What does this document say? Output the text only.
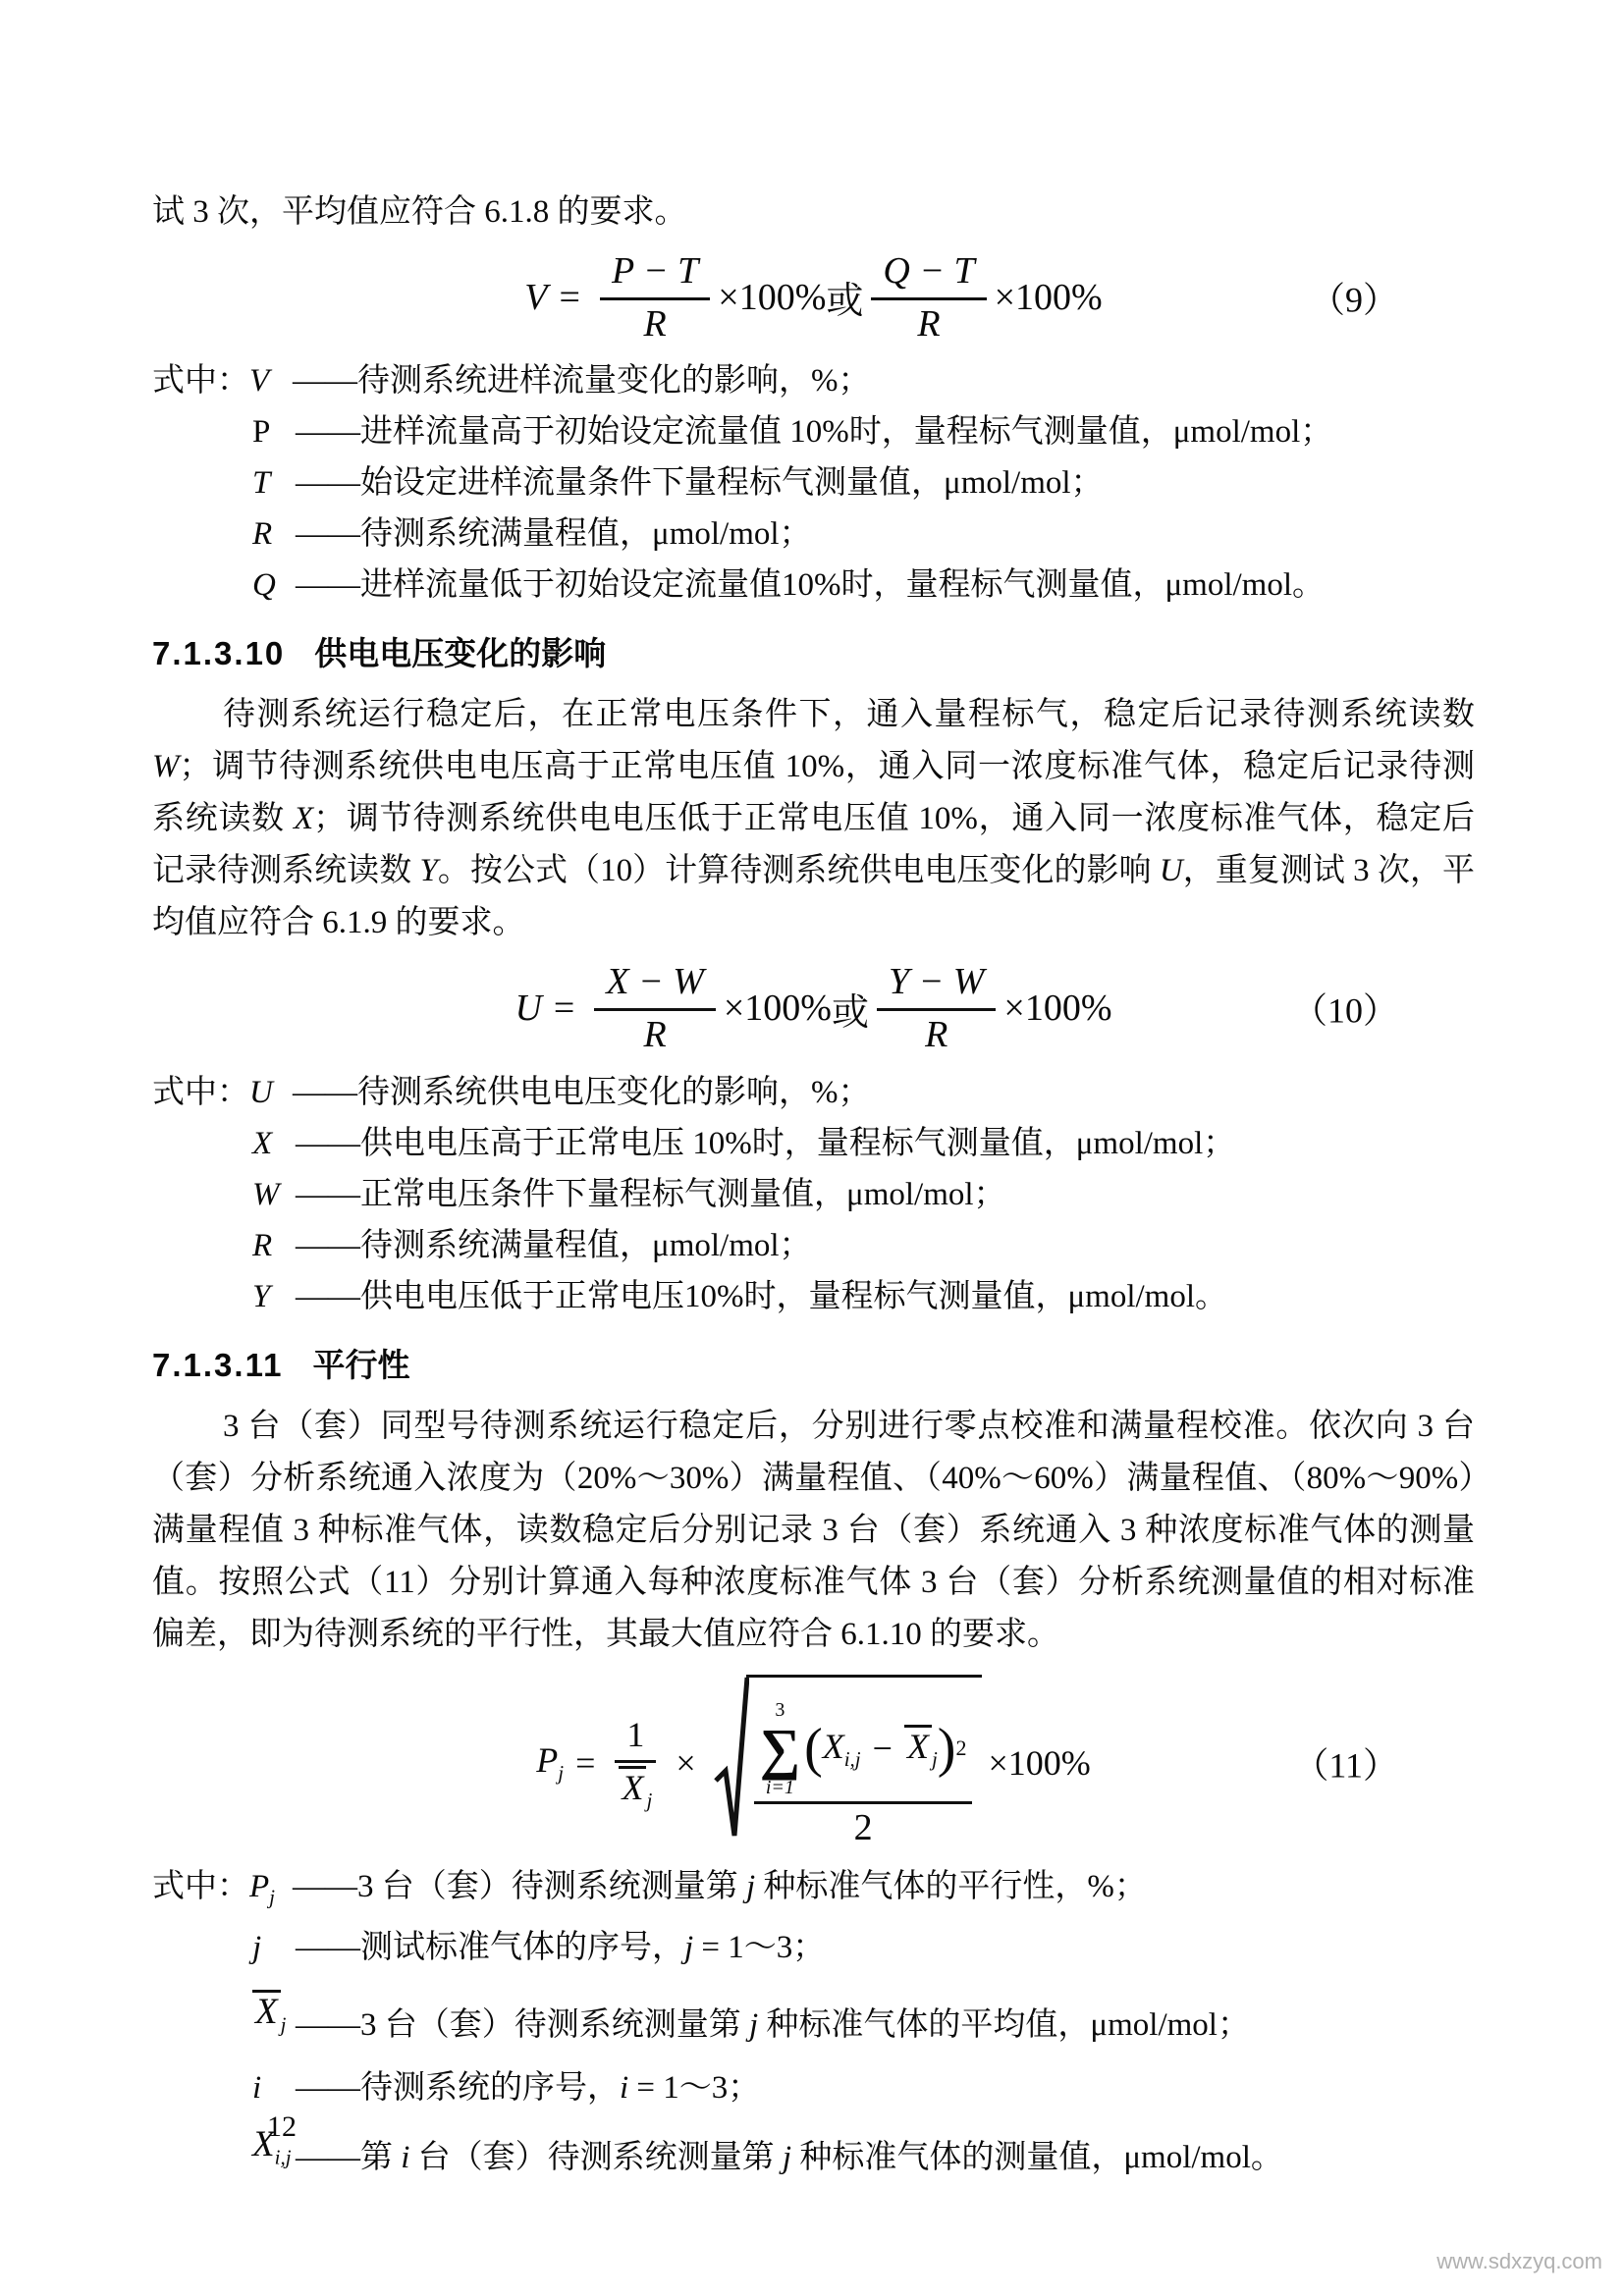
试 3 次，平均值应符合 6.1.8 的要求。

$V = \frac{P - T}{R} \times 100\%$ 或 $\frac{Q - T}{R} \times 100\%$	（9）
式中： V ——待测系统进样流量变化的影响，%；
P ——进样流量高于初始设定流量值 10%时，量程标气测量值，μmol/mol；
T ——始设定进样流量条件下量程标气测量值，μmol/mol；
R ——待测系统满量程值，μmol/mol；
Q ——进样流量低于初始设定流量值10%时，量程标气测量值，μmol/mol。
7.1.3.10 供电电压变化的影响

待测系统运行稳定后，在正常电压条件下，通入量程标气，稳定后记录待测系统读数 W；调节待测系统供电电压高于正常电压值 10%，通入同一浓度标准气体，稳定后记录待测系统读数 X；调节待测系统供电电压低于正常电压值 10%，通入同一浓度标准气体，稳定后记录待测系统读数 Y。按公式（10）计算待测系统供电电压变化的影响 U，重复测试 3 次，平均值应符合 6.1.9 的要求。

$U = \frac{X - W}{R} \times 100\%$ 或 $\frac{Y - W}{R} \times 100\%$	（10）
式中： U ——待测系统供电电压变化的影响，%；
X ——供电电压高于正常电压 10%时，量程标气测量值，μmol/mol；
W ——正常电压条件下量程标气测量值，μmol/mol；
R ——待测系统满量程值，μmol/mol；
Y ——供电电压低于正常电压10%时，量程标气测量值，μmol/mol。
7.1.3.11 平行性

3 台（套）同型号待测系统运行稳定后，分别进行零点校准和满量程校准。依次向 3 台（套）分析系统通入浓度为（20%～30%）满量程值、（40%～60%）满量程值、（80%～90%）满量程值 3 种标准气体，读数稳定后分别记录 3 台（套）系统通入 3 种浓度标准气体的测量值。按照公式（11）分别计算通入每种浓度标准气体 3 台（套）分析系统测量值的相对标准偏差，即为待测系统的平行性，其最大值应符合 6.1.10 的要求。

$P_j = \frac{1}{X _j}$ ×
3
∑
i=1
( $X_{i,j} - X$ $_j$ ) 2
2
×100%	（11）
式中： $P_j$ ——3 台（套）待测系统测量第 j 种标准气体的平行性，%；
j	——测试标准气体的序号，j = 1～3；
X $_j$ ——3 台（套）待测系统测量第 j 种标准气体的平均值，μmol/mol；
i	——待测系统的序号，i = 1～3；
$X_{i,j}$ ——第 i 台（套）待测系统测量第 j 种标准气体的测量值，μmol/mol。
12
www.sdxzyq.com
